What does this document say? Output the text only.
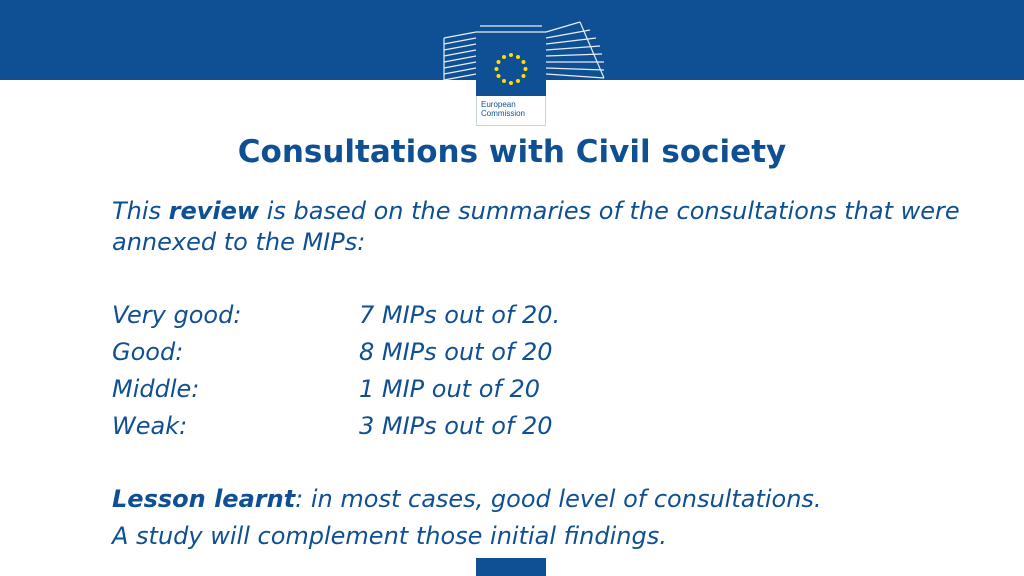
European
Commission
Consultations with Civil society

This review is based on the summaries of the consultations that were annexed to the MIPs:

Very good:	7 MIPs out of 20.
Good:	8 MIPs out of 20
Middle:	1 MIP out of 20
Weak:	3 MIPs out of 20

Lesson learnt: in most cases, good level of consultations.

A study will complement those initial findings.
